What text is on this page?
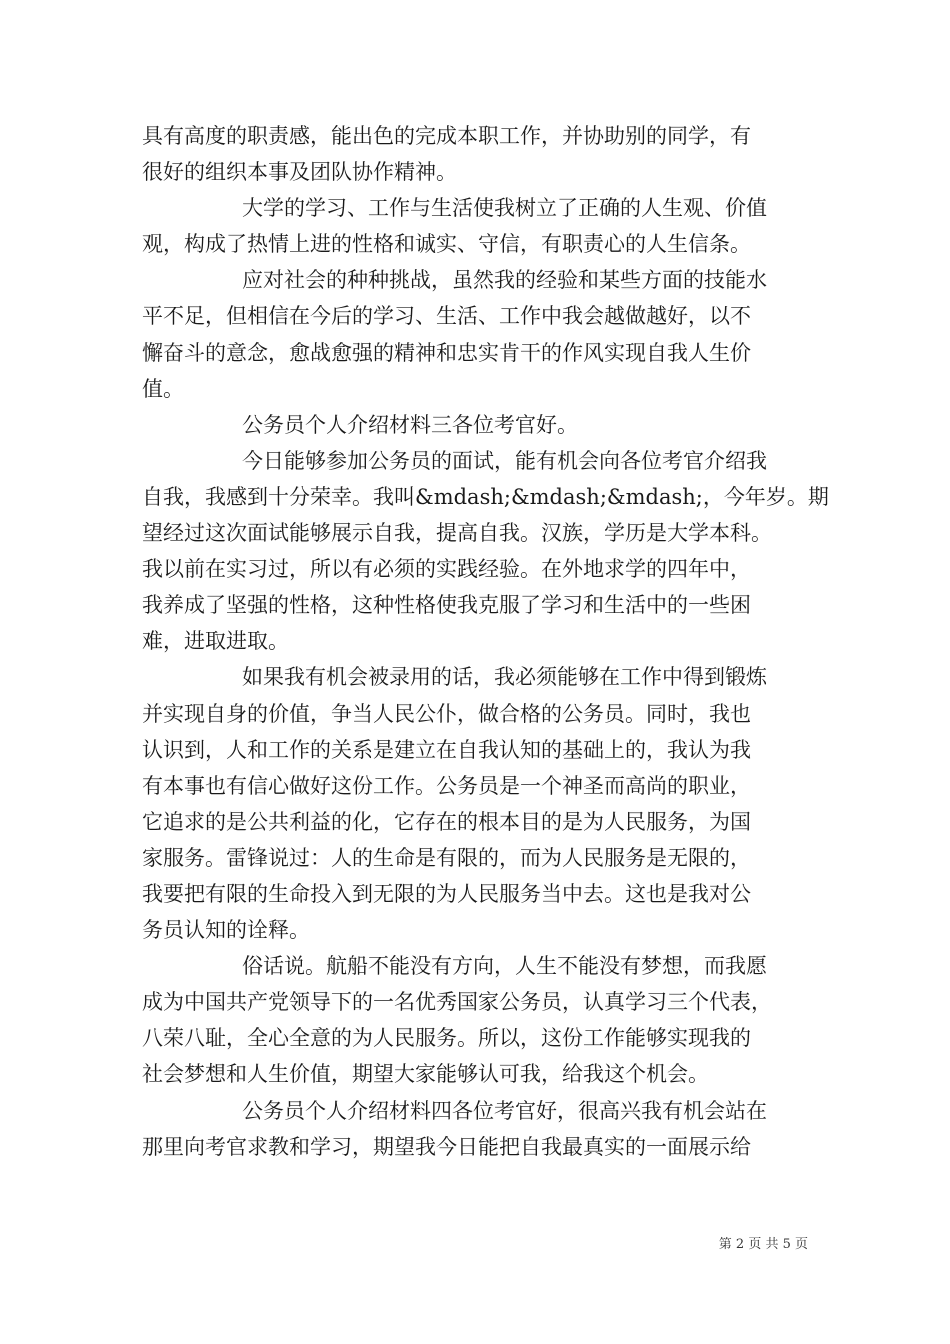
具有高度的职责感，能出色的完成本职工作，并协助别的同学，有
很好的组织本事及团队协作精神。
大学的学习、工作与生活使我树立了正确的人生观、价值
观，构成了热情上进的性格和诚实、守信，有职责心的人生信条。
应对社会的种种挑战，虽然我的经验和某些方面的技能水
平不足，但相信在今后的学习、生活、工作中我会越做越好，以不
懈奋斗的意念，愈战愈强的精神和忠实肯干的作风实现自我人生价
值。
公务员个人介绍材料三各位考官好。
今日能够参加公务员的面试，能有机会向各位考官介绍我
自我，我感到十分荣幸。我叫&mdash;&mdash;&mdash;，今年岁。期
望经过这次面试能够展示自我，提高自我。汉族，学历是大学本科。
我以前在实习过，所以有必须的实践经验。在外地求学的四年中，
我养成了坚强的性格，这种性格使我克服了学习和生活中的一些困
难，进取进取。
如果我有机会被录用的话，我必须能够在工作中得到锻炼
并实现自身的价值，争当人民公仆，做合格的公务员。同时，我也
认识到，人和工作的关系是建立在自我认知的基础上的，我认为我
有本事也有信心做好这份工作。公务员是一个神圣而高尚的职业，
它追求的是公共利益的化，它存在的根本目的是为人民服务，为国
家服务。雷锋说过：人的生命是有限的，而为人民服务是无限的，
我要把有限的生命投入到无限的为人民服务当中去。这也是我对公
务员认知的诠释。
俗话说。航船不能没有方向，人生不能没有梦想，而我愿
成为中国共产党领导下的一名优秀国家公务员，认真学习三个代表，
八荣八耻，全心全意的为人民服务。所以，这份工作能够实现我的
社会梦想和人生价值，期望大家能够认可我，给我这个机会。
公务员个人介绍材料四各位考官好，很高兴我有机会站在
那里向考官求教和学习，期望我今日能把自我最真实的一面展示给
第 2 页 共 5 页
